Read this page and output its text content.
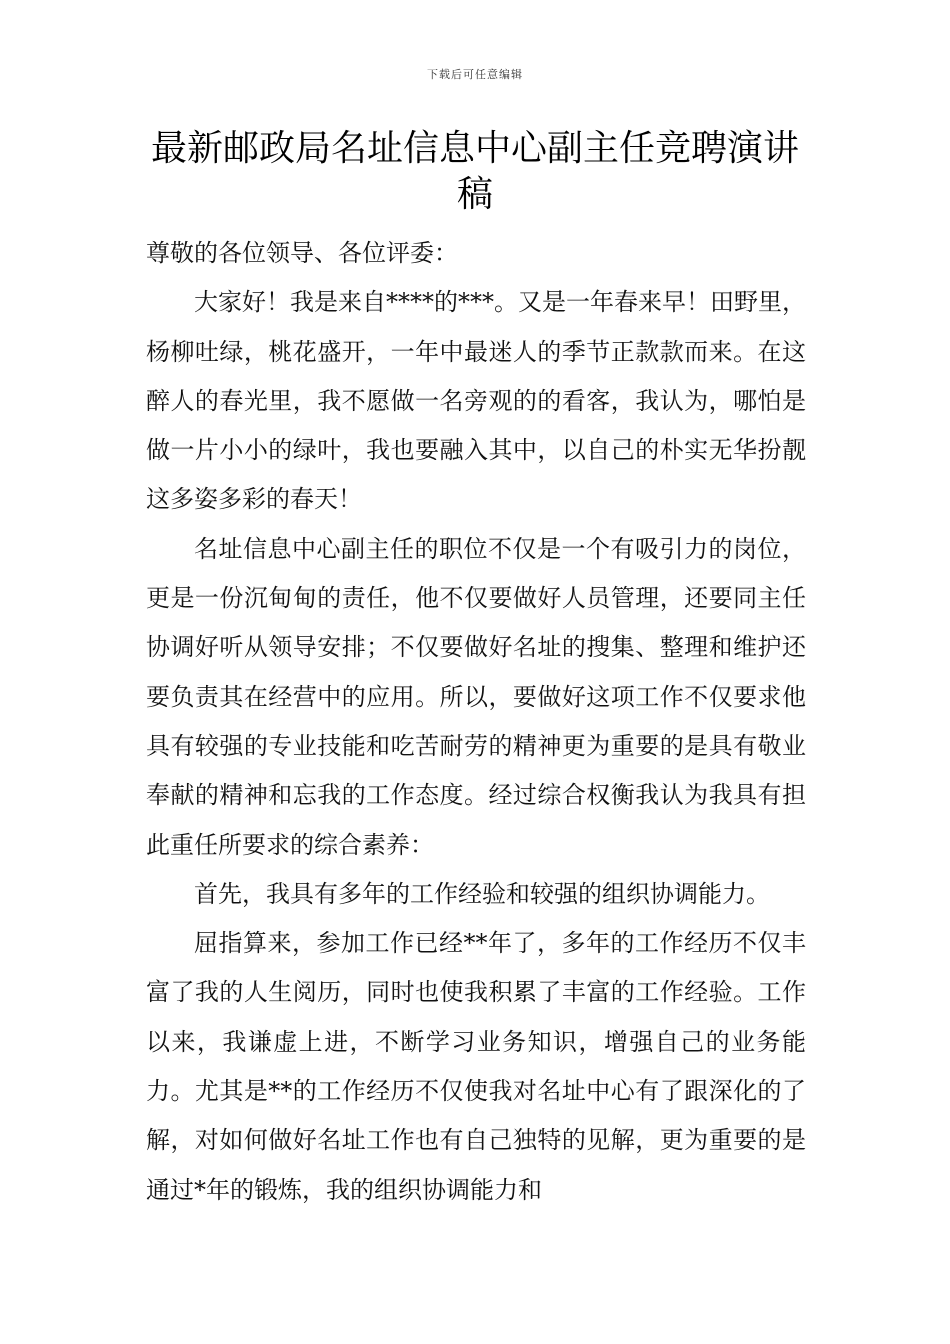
下载后可任意编辑
最新邮政局名址信息中心副主任竞聘演讲稿

尊敬的各位领导、各位评委：

大家好！我是来自****的***。又是一年春来早！田野里，杨柳吐绿，桃花盛开，一年中最迷人的季节正款款而来。在这醉人的春光里，我不愿做一名旁观的的看客，我认为，哪怕是做一片小小的绿叶，我也要融入其中，以自己的朴实无华扮靓这多姿多彩的春天！

名址信息中心副主任的职位不仅是一个有吸引力的岗位，更是一份沉甸甸的责任，他不仅要做好人员管理，还要同主任协调好听从领导安排；不仅要做好名址的搜集、整理和维护还要负责其在经营中的应用。所以，要做好这项工作不仅要求他具有较强的专业技能和吃苦耐劳的精神更为重要的是具有敬业奉献的精神和忘我的工作态度。经过综合权衡我认为我具有担此重任所要求的综合素养：

首先，我具有多年的工作经验和较强的组织协调能力。

屈指算来，参加工作已经**年了，多年的工作经历不仅丰富了我的人生阅历，同时也使我积累了丰富的工作经验。工作以来，我谦虚上进，不断学习业务知识，增强自己的业务能力。尤其是**的工作经历不仅使我对名址中心有了跟深化的了解，对如何做好名址工作也有自己独特的见解，更为重要的是通过*年的锻炼，我的组织协调能力和
